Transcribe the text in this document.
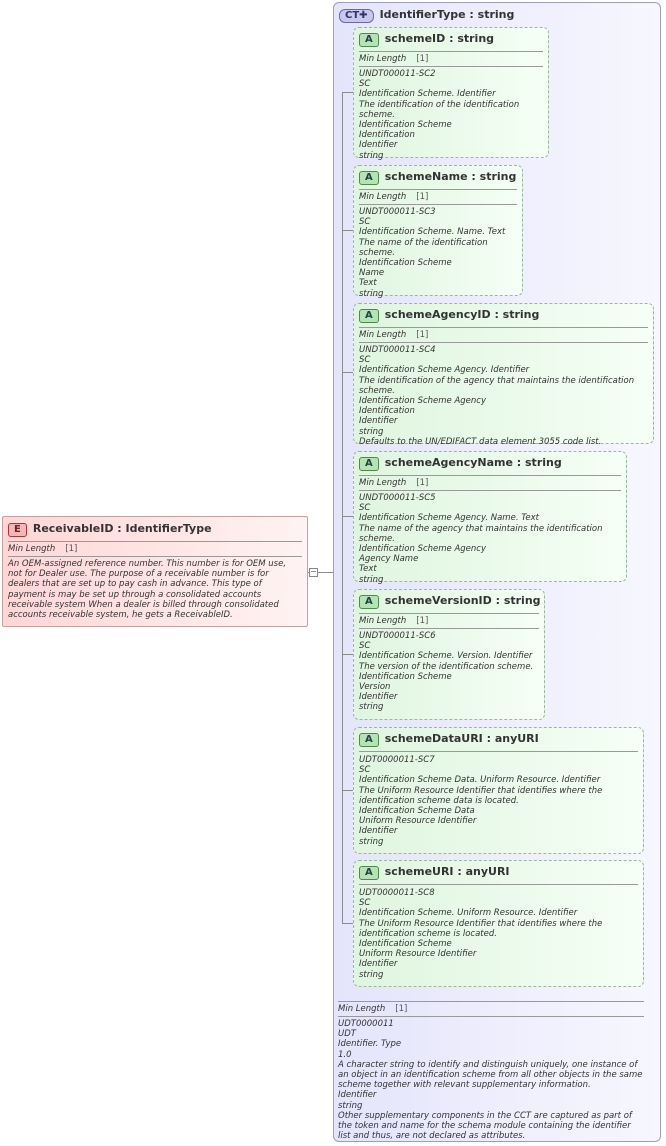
E ReceivableID : IdentifierType
Min Length [1]
An OEM-assigned reference number. This number is for OEM use, not for Dealer use. The purpose of a receivable number is for dealers that are set up to pay cash in advance. This type of payment is may be set up through a consolidated accounts receivable system When a dealer is billed through consolidated accounts receivable system, he gets a ReceivableID.
−
CT✚ IdentifierType : string
Min Length [1]
UDT0000011
UDT
Identifier. Type
1.0
A character string to identify and distinguish uniquely, one instance of an object in an identification scheme from all other objects in the same scheme together with relevant supplementary information.
Identifier
string
Other supplementary components in the CCT are captured as part of the token and name for the schema module containing the identifier list and thus, are not declared as attributes.
A schemeID : string
Min Length [1]
UNDT000011-SC2
SC
Identification Scheme. Identifier
The identification of the identification scheme.
Identification Scheme
Identification
Identifier
string
A schemeName : string
Min Length [1]
UNDT000011-SC3
SC
Identification Scheme. Name. Text
The name of the identification scheme.
Identification Scheme
Name
Text
string
A schemeAgencyID : string
Min Length [1]
UNDT000011-SC4
SC
Identification Scheme Agency. Identifier
The identification of the agency that maintains the identification scheme.
Identification Scheme Agency
Identification
Identifier
string
Defaults to the UN/EDIFACT data element 3055 code list.
A schemeAgencyName : string
Min Length [1]
UNDT000011-SC5
SC
Identification Scheme Agency. Name. Text
The name of the agency that maintains the identification scheme.
Identification Scheme Agency
Agency Name
Text
string
A schemeVersionID : string
Min Length [1]
UNDT000011-SC6
SC
Identification Scheme. Version. Identifier
The version of the identification scheme.
Identification Scheme
Version
Identifier
string
A schemeDataURI : anyURI
UDT0000011-SC7
SC
Identification Scheme Data. Uniform Resource. Identifier
The Uniform Resource Identifier that identifies where the identification scheme data is located.
Identification Scheme Data
Uniform Resource Identifier
Identifier
string
A schemeURI : anyURI
UDT0000011-SC8
SC
Identification Scheme. Uniform Resource. Identifier
The Uniform Resource Identifier that identifies where the identification scheme is located.
Identification Scheme
Uniform Resource Identifier
Identifier
string
